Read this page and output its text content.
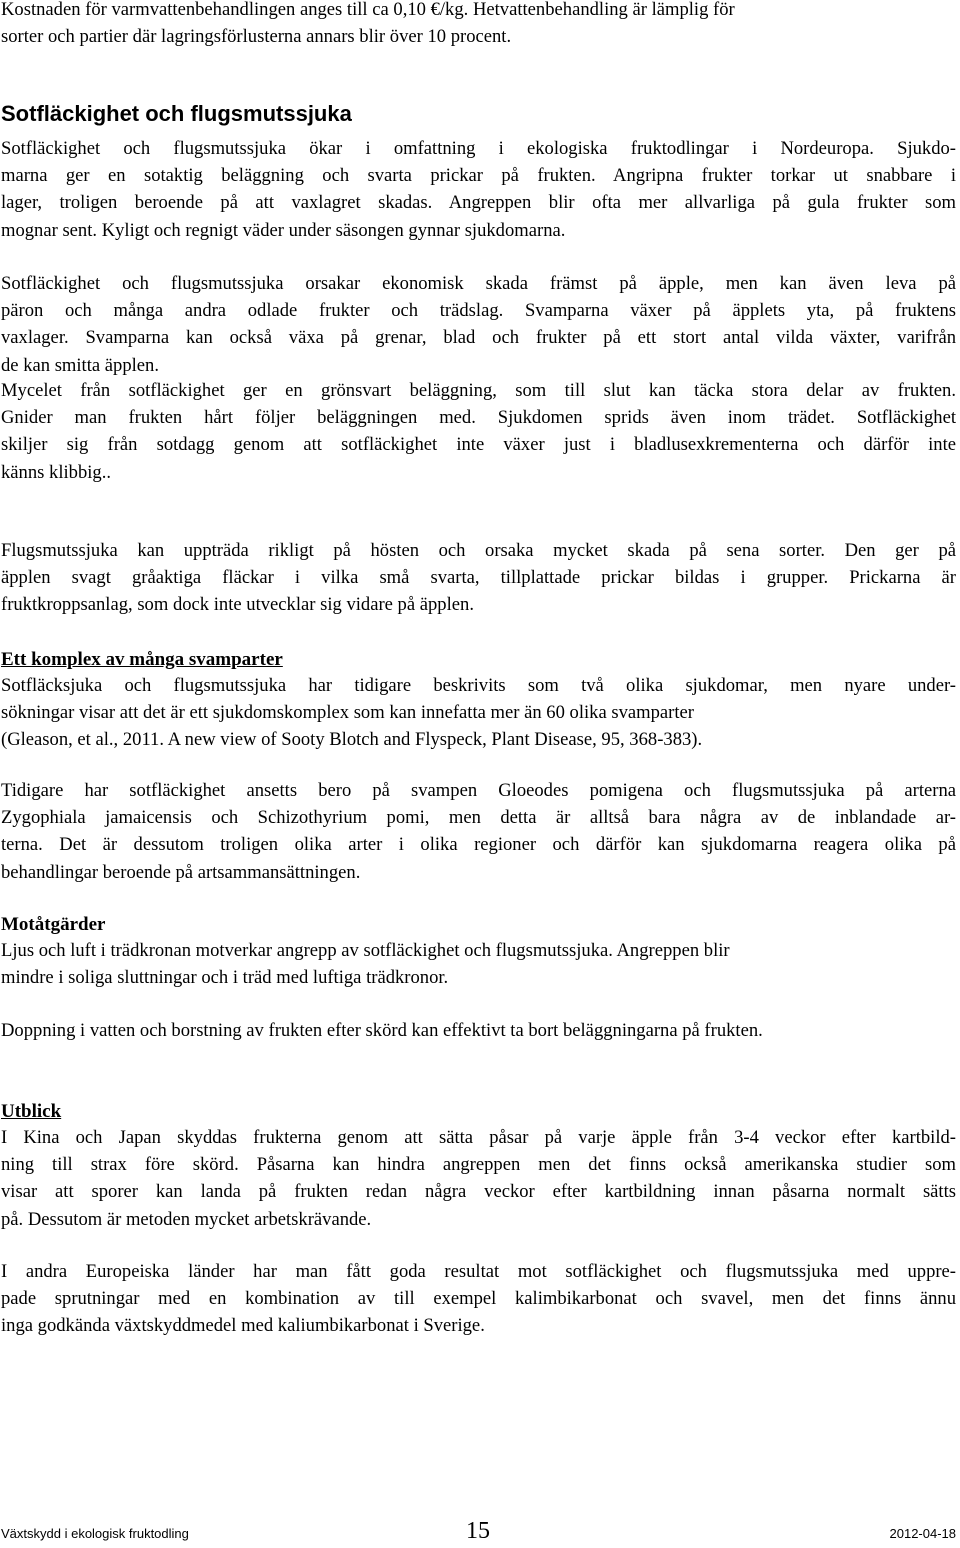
Kostnaden för varmvattenbehandlingen anges till ca 0,10 €/kg. Hetvattenbehandling är lämplig för
sorter och partier där lagringsförlusterna annars blir över 10 procent.
Sotfläckighet och flugsmutssjuka
Sotfläckighet och flugsmutssjuka ökar i omfattning i ekologiska fruktodlingar i Nordeuropa. Sjukdo-
marna ger en sotaktig beläggning och svarta prickar på frukten. Angripna frukter torkar ut snabbare i
lager, troligen beroende på att vaxlagret skadas. Angreppen blir ofta mer allvarliga på gula frukter som
mognar sent. Kyligt och regnigt väder under säsongen gynnar sjukdomarna.
Sotfläckighet och flugsmutssjuka orsakar ekonomisk skada främst på äpple, men kan även leva på
päron och många andra odlade frukter och trädslag. Svamparna växer på äpplets yta, på fruktens
vaxlager. Svamparna kan också växa på grenar, blad och frukter på ett stort antal vilda växter, varifrån
de kan smitta äpplen.
Mycelet från sotfläckighet ger en grönsvart beläggning, som till slut kan täcka stora delar av frukten.
Gnider man frukten hårt följer beläggningen med. Sjukdomen sprids även inom trädet. Sotfläckighet
skiljer sig från sotdagg genom att sotfläckighet inte växer just i bladlusexkrementerna och därför inte
känns klibbig..
Flugsmutssjuka kan uppträda rikligt på hösten och orsaka mycket skada på sena sorter. Den ger på
äpplen svagt gråaktiga fläckar i vilka små svarta, tillplattade prickar bildas i grupper. Prickarna är
fruktkroppsanlag, som dock inte utvecklar sig vidare på äpplen.
Ett komplex av många svamparter
Sotfläcksjuka och flugsmutssjuka har tidigare beskrivits som två olika sjukdomar, men nyare under-
sökningar visar att det är ett sjukdomskomplex som kan innefatta mer än 60 olika svamparter
(Gleason, et al., 2011. A new view of Sooty Blotch and Flyspeck, Plant Disease, 95, 368-383).
Tidigare har sotfläckighet ansetts bero på svampen Gloeodes pomigena och flugsmutssjuka på arterna
Zygophiala jamaicensis och Schizothyrium pomi, men detta är alltså bara några av de inblandade ar-
terna. Det är dessutom troligen olika arter i olika regioner och därför kan sjukdomarna reagera olika på
behandlingar beroende på artsammansättningen.
Motåtgärder
Ljus och luft i trädkronan motverkar angrepp av sotfläckighet och flugsmutssjuka. Angreppen blir
mindre i soliga sluttningar och i träd med luftiga trädkronor.
Doppning i vatten och borstning av frukten efter skörd kan effektivt ta bort beläggningarna på frukten.
Utblick
I Kina och Japan skyddas frukterna genom att sätta påsar på varje äpple från 3-4 veckor efter kartbild-
ning till strax före skörd. Påsarna kan hindra angreppen men det finns också amerikanska studier som
visar att sporer kan landa på frukten redan några veckor efter kartbildning innan påsarna normalt sätts
på. Dessutom är metoden mycket arbetskrävande.
I andra Europeiska länder har man fått goda resultat mot sotfläckighet och flugsmutssjuka med uppre-
pade sprutningar med en kombination av till exempel kalimbikarbonat och svavel, men det finns ännu
inga godkända växtskyddmedel med kaliumbikarbonat i Sverige.
Växtskydd i ekologisk fruktodling	15	2012-04-18
